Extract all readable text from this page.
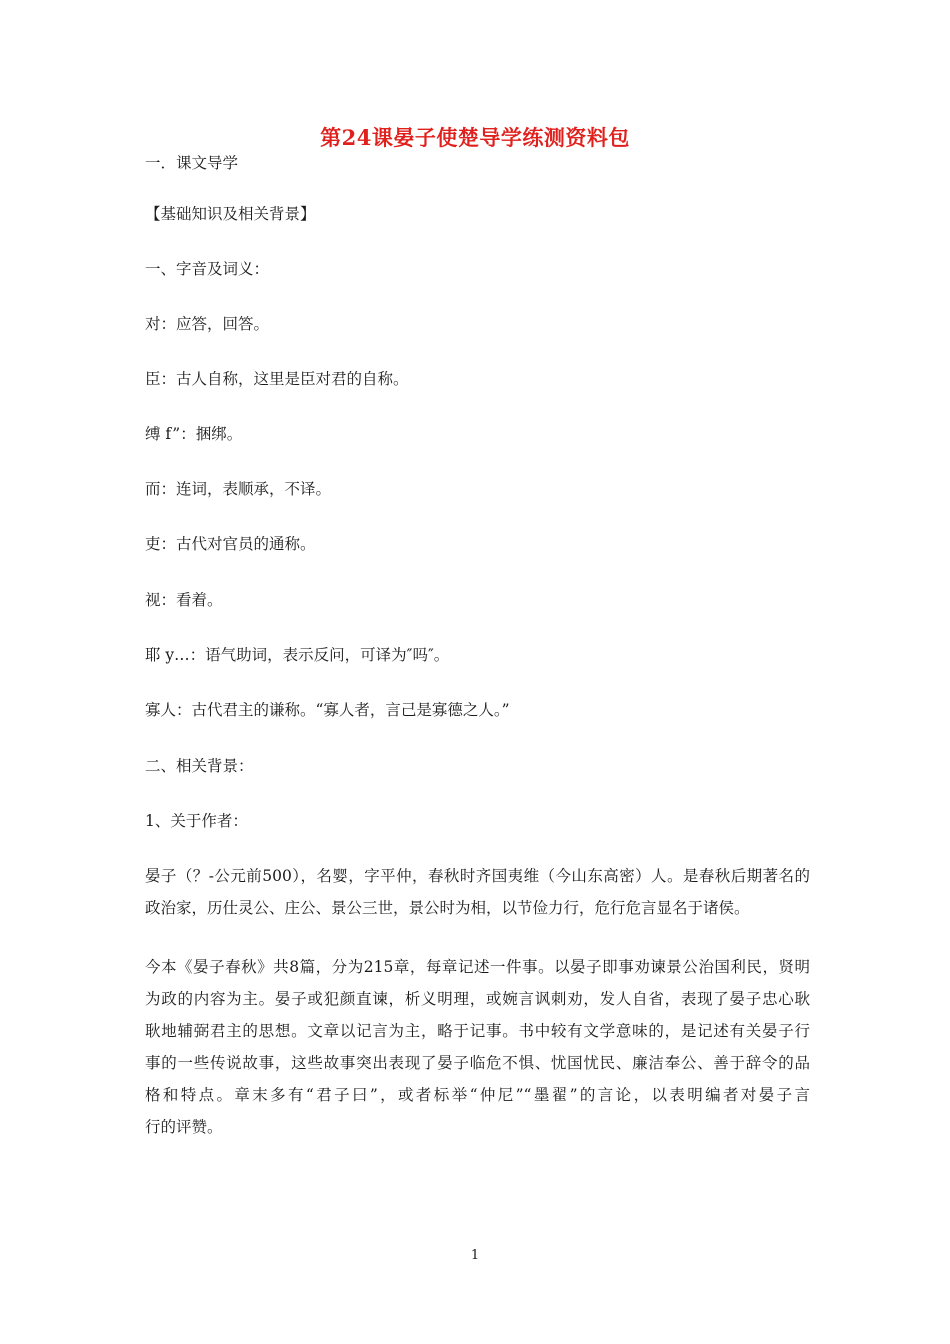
第24课晏子使楚导学练测资料包
一．课文导学
【基础知识及相关背景】
一、字音及词义：
对：应答，回答。
臣：古人自称，这里是臣对君的自称。
缚 f”：捆绑。
而：连词，表顺承，不译。
吏：古代对官员的通称。
视：看着。
耶 y…：语气助词，表示反问，可译为″吗″。
寡人：古代君主的谦称。“寡人者，言己是寡德之人。”
二、相关背景：
1、关于作者：
晏子（？-公元前500），名婴，字平仲，春秋时齐国夷维（今山东高密）人。是春秋后期著名的
政治家，历仕灵公、庄公、景公三世，景公时为相，以节俭力行，危行危言显名于诸侯。
今本《晏子春秋》共8篇，分为215章，每章记述一件事。以晏子即事劝谏景公治国利民，贤明
为政的内容为主。晏子或犯颜直谏，析义明理，或婉言讽刺劝，发人自省，表现了晏子忠心耿
耿地辅弼君主的思想。文章以记言为主，略于记事。书中较有文学意味的，是记述有关晏子行
事的一些传说故事，这些故事突出表现了晏子临危不惧、忧国忧民、廉洁奉公、善于辞令的品
格和特点。章末多有“君子曰”，或者标举“仲尼”“墨翟”的言论，以表明编者对晏子言
行的评赞。
1
